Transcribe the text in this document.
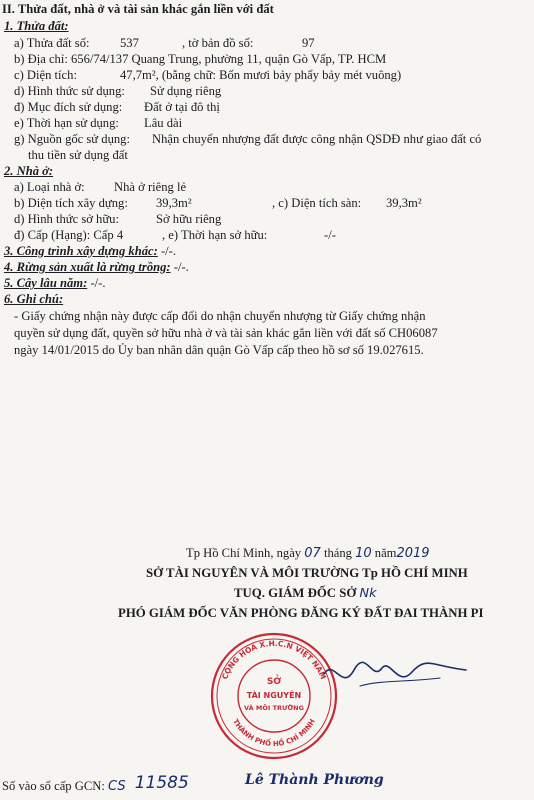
II. Thửa đất, nhà ở và tài sản khác gắn liền với đất
1. Thửa đất:
a) Thửa đất số: 537	, tờ bản đồ số:	97
b) Địa chỉ: 656/74/137 Quang Trung, phường 11, quận Gò Vấp, TP. HCM
c) Diện tích:	47,7m², (bằng chữ: Bốn mươi bảy phẩy bảy mét vuông)
d) Hình thức sử dụng: Sử dụng riêng
đ) Mục đích sử dụng: Đất ở tại đô thị
e) Thời hạn sử dụng: Lâu dài
g) Nguồn gốc sử dụng: Nhận chuyển nhượng đất được công nhận QSDĐ như giao đất có
thu tiền sử dụng đất
2. Nhà ở:
a) Loại nhà ở: Nhà ở riêng lẻ
b) Diện tích xây dựng: 39,3m²	, c) Diện tích sàn: 39,3m²
d) Hình thức sở hữu:	Sở hữu riêng
đ) Cấp (Hạng): Cấp 4	, e) Thời hạn sở hữu:	-/-
3. Công trình xây dựng khác: -/-.
4. Rừng sản xuất là rừng trồng: -/-.
5. Cây lâu năm: -/-.
6. Ghi chú:
- Giấy chứng nhận này được cấp đổi do nhận chuyển nhượng từ Giấy chứng nhận
quyền sử dụng đất, quyền sở hữu nhà ở và tài sản khác gắn liền với đất số CH06087
ngày 14/01/2015 do Ủy ban nhân dân quận Gò Vấp cấp theo hồ sơ số 19.027615.
Tp Hồ Chí Minh, ngày 07 tháng 10 năm2019
SỞ TÀI NGUYÊN VÀ MÔI TRƯỜNG Tp HỒ CHÍ MINH
TUQ. GIÁM ĐỐC SỞ Nk
PHÓ GIÁM ĐỐC VĂN PHÒNG ĐĂNG KÝ ĐẤT ĐAI THÀNH PI
CỘNG HÒA X.H.C.N VIỆT NAM
THÀNH PHỐ HỒ CHÍ MINH
SỞ
TÀI NGUYÊN
VÀ MÔI TRƯỜNG
Số vào sổ cấp GCN: CS 11585	Lê Thành Phương
